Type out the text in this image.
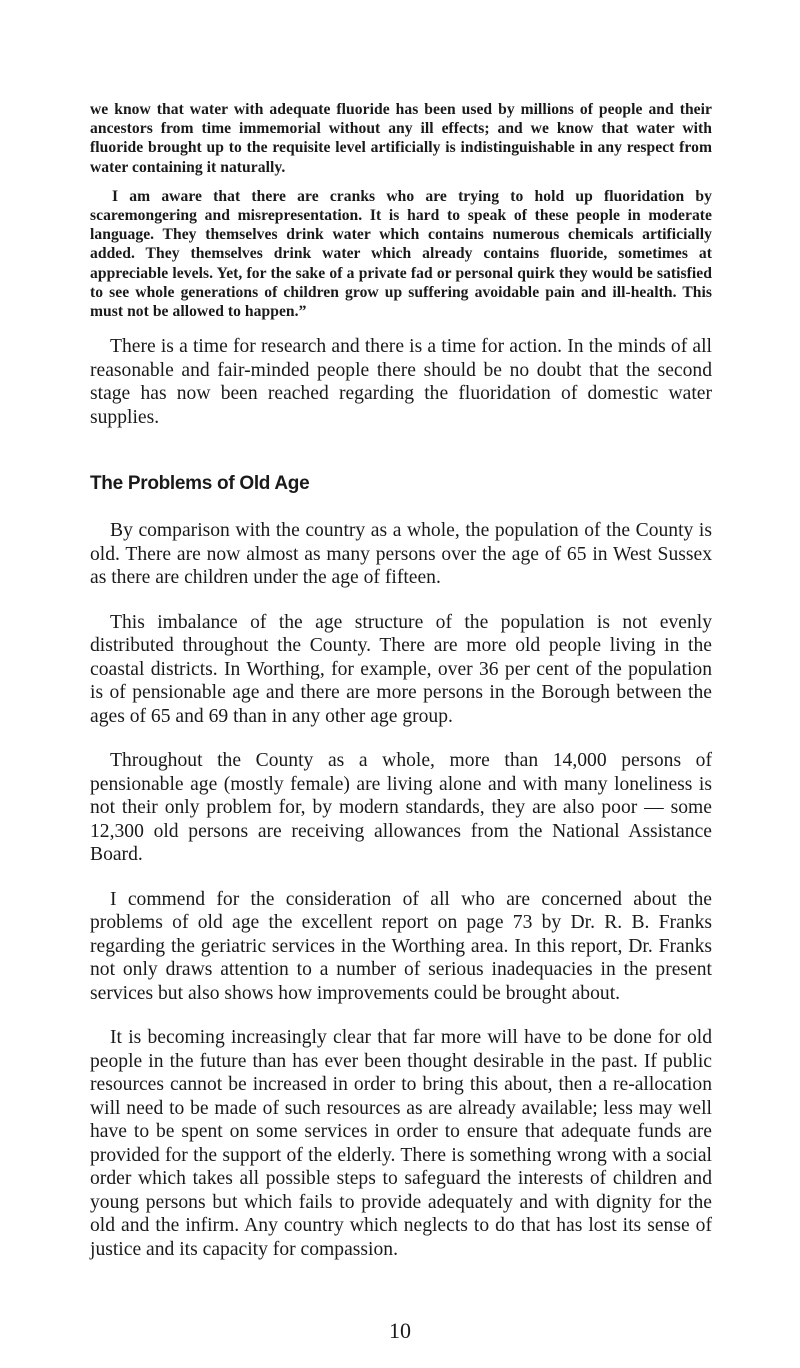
we know that water with adequate fluoride has been used by millions of people and their ancestors from time immemorial without any ill effects; and we know that water with fluoride brought up to the requisite level artificially is indistinguishable in any respect from water containing it naturally.

I am aware that there are cranks who are trying to hold up fluoridation by scaremongering and misrepresentation. It is hard to speak of these people in moderate language. They themselves drink water which contains numerous chemicals artificially added. They themselves drink water which already contains fluoride, sometimes at appreciable levels. Yet, for the sake of a private fad or personal quirk they would be satisfied to see whole generations of children grow up suffering avoidable pain and ill-health. This must not be allowed to happen.”

There is a time for research and there is a time for action. In the minds of all reasonable and fair-minded people there should be no doubt that the second stage has now been reached regarding the fluoridation of domestic water supplies.

The Problems of Old Age

By comparison with the country as a whole, the population of the County is old. There are now almost as many persons over the age of 65 in West Sussex as there are children under the age of fifteen.

This imbalance of the age structure of the population is not evenly distributed throughout the County. There are more old people living in the coastal districts. In Worthing, for example, over 36 per cent of the population is of pensionable age and there are more persons in the Borough between the ages of 65 and 69 than in any other age group.

Throughout the County as a whole, more than 14,000 persons of pensionable age (mostly female) are living alone and with many loneliness is not their only problem for, by modern standards, they are also poor — some 12,300 old persons are receiving allowances from the National Assistance Board.

I commend for the consideration of all who are concerned about the problems of old age the excellent report on page 73 by Dr. R. B. Franks regarding the geriatric services in the Worthing area. In this report, Dr. Franks not only draws attention to a number of serious inadequacies in the present services but also shows how improvements could be brought about.

It is becoming increasingly clear that far more will have to be done for old people in the future than has ever been thought desirable in the past. If public resources cannot be increased in order to bring this about, then a re-allocation will need to be made of such resources as are already available; less may well have to be spent on some services in order to ensure that adequate funds are provided for the support of the elderly. There is something wrong with a social order which takes all possible steps to safeguard the interests of children and young persons but which fails to provide adequately and with dignity for the old and the infirm. Any country which neglects to do that has lost its sense of justice and its capacity for compassion.

10
